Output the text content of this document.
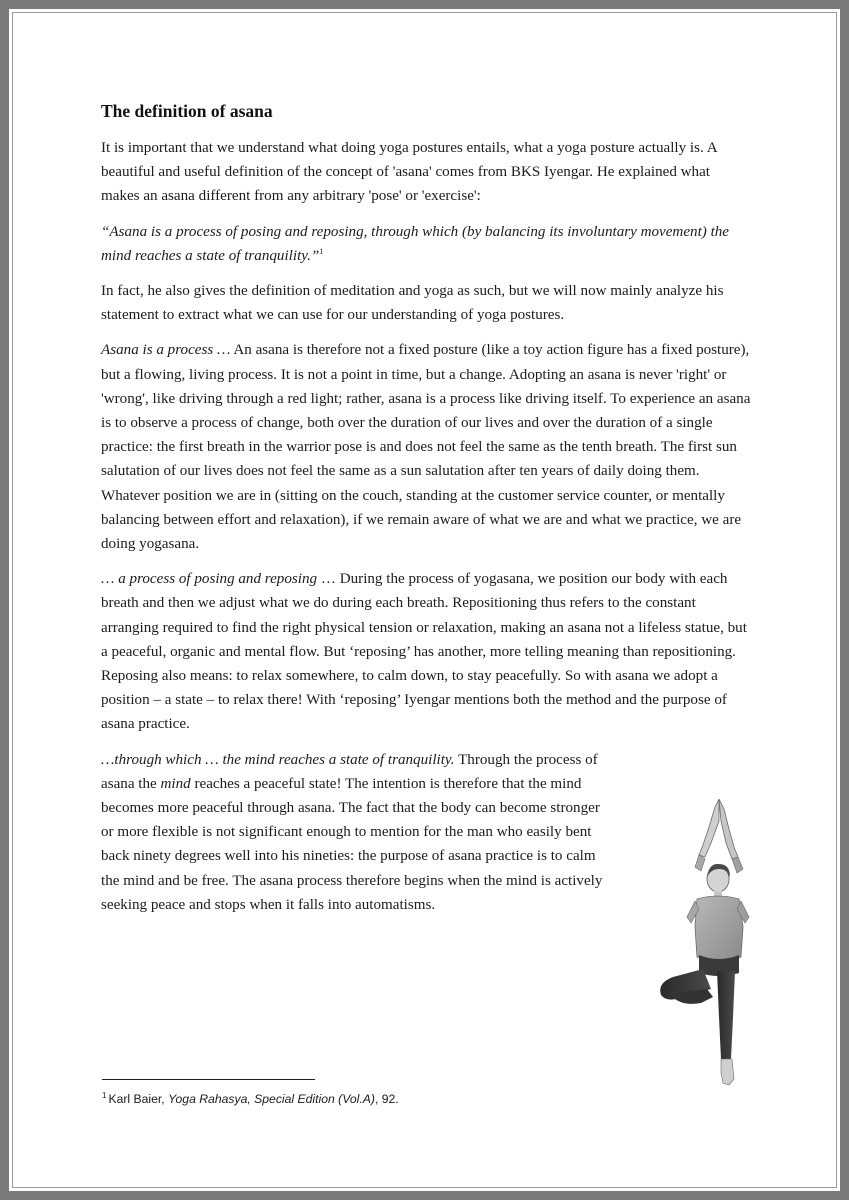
The definition of asana

It is important that we understand what doing yoga postures entails, what a yoga posture actually is. A beautiful and useful definition of the concept of 'asana' comes from BKS Iyengar. He explained what makes an asana different from any arbitrary 'pose' or 'exercise':

“Asana is a process of posing and reposing, through which (by balancing its involuntary movement) the mind reaches a state of tranquility.”$^1$

In fact, he also gives the definition of meditation and yoga as such, but we will now mainly analyze his statement to extract what we can use for our understanding of yoga postures.

Asana is a process … An asana is therefore not a fixed posture (like a toy action figure has a fixed posture), but a flowing, living process. It is not a point in time, but a change. Adopting an asana is never 'right' or 'wrong', like driving through a red light; rather, asana is a process like driving itself. To experience an asana is to observe a process of change, both over the duration of our lives and over the duration of a single practice: the first breath in the warrior pose is and does not feel the same as the tenth breath. The first sun salutation of our lives does not feel the same as a sun salutation after ten years of daily doing them. Whatever position we are in (sitting on the couch, standing at the customer service counter, or mentally balancing between effort and relaxation), if we remain aware of what we are and what we practice, we are doing yogasana.

… a process of posing and reposing … During the process of yogasana, we position our body with each breath and then we adjust what we do during each breath. Repositioning thus refers to the constant arranging required to find the right physical tension or relaxation, making an asana not a lifeless statue, but a peaceful, organic and mental flow. But ‘reposing’ has another, more telling meaning than repositioning. Reposing also means: to relax somewhere, to calm down, to stay peacefully. So with asana we adopt a position – a state – to relax there! With ‘reposing’ Iyengar mentions both the method and the purpose of asana practice.

…through which … the mind reaches a state of tranquility. Through the process of asana the mind reaches a peaceful state! The intention is therefore that the mind becomes more peaceful through asana. The fact that the body can become stronger or more flexible is not significant enough to mention for the man who easily bent back ninety degrees well into his nineties: the purpose of asana practice is to calm the mind and be free. The asana process therefore begins when the mind is actively seeking peace and stops when it falls into automatisms.

$^1$ Karl Baier, Yoga Rahasya, Special Edition (Vol.A), 92.
